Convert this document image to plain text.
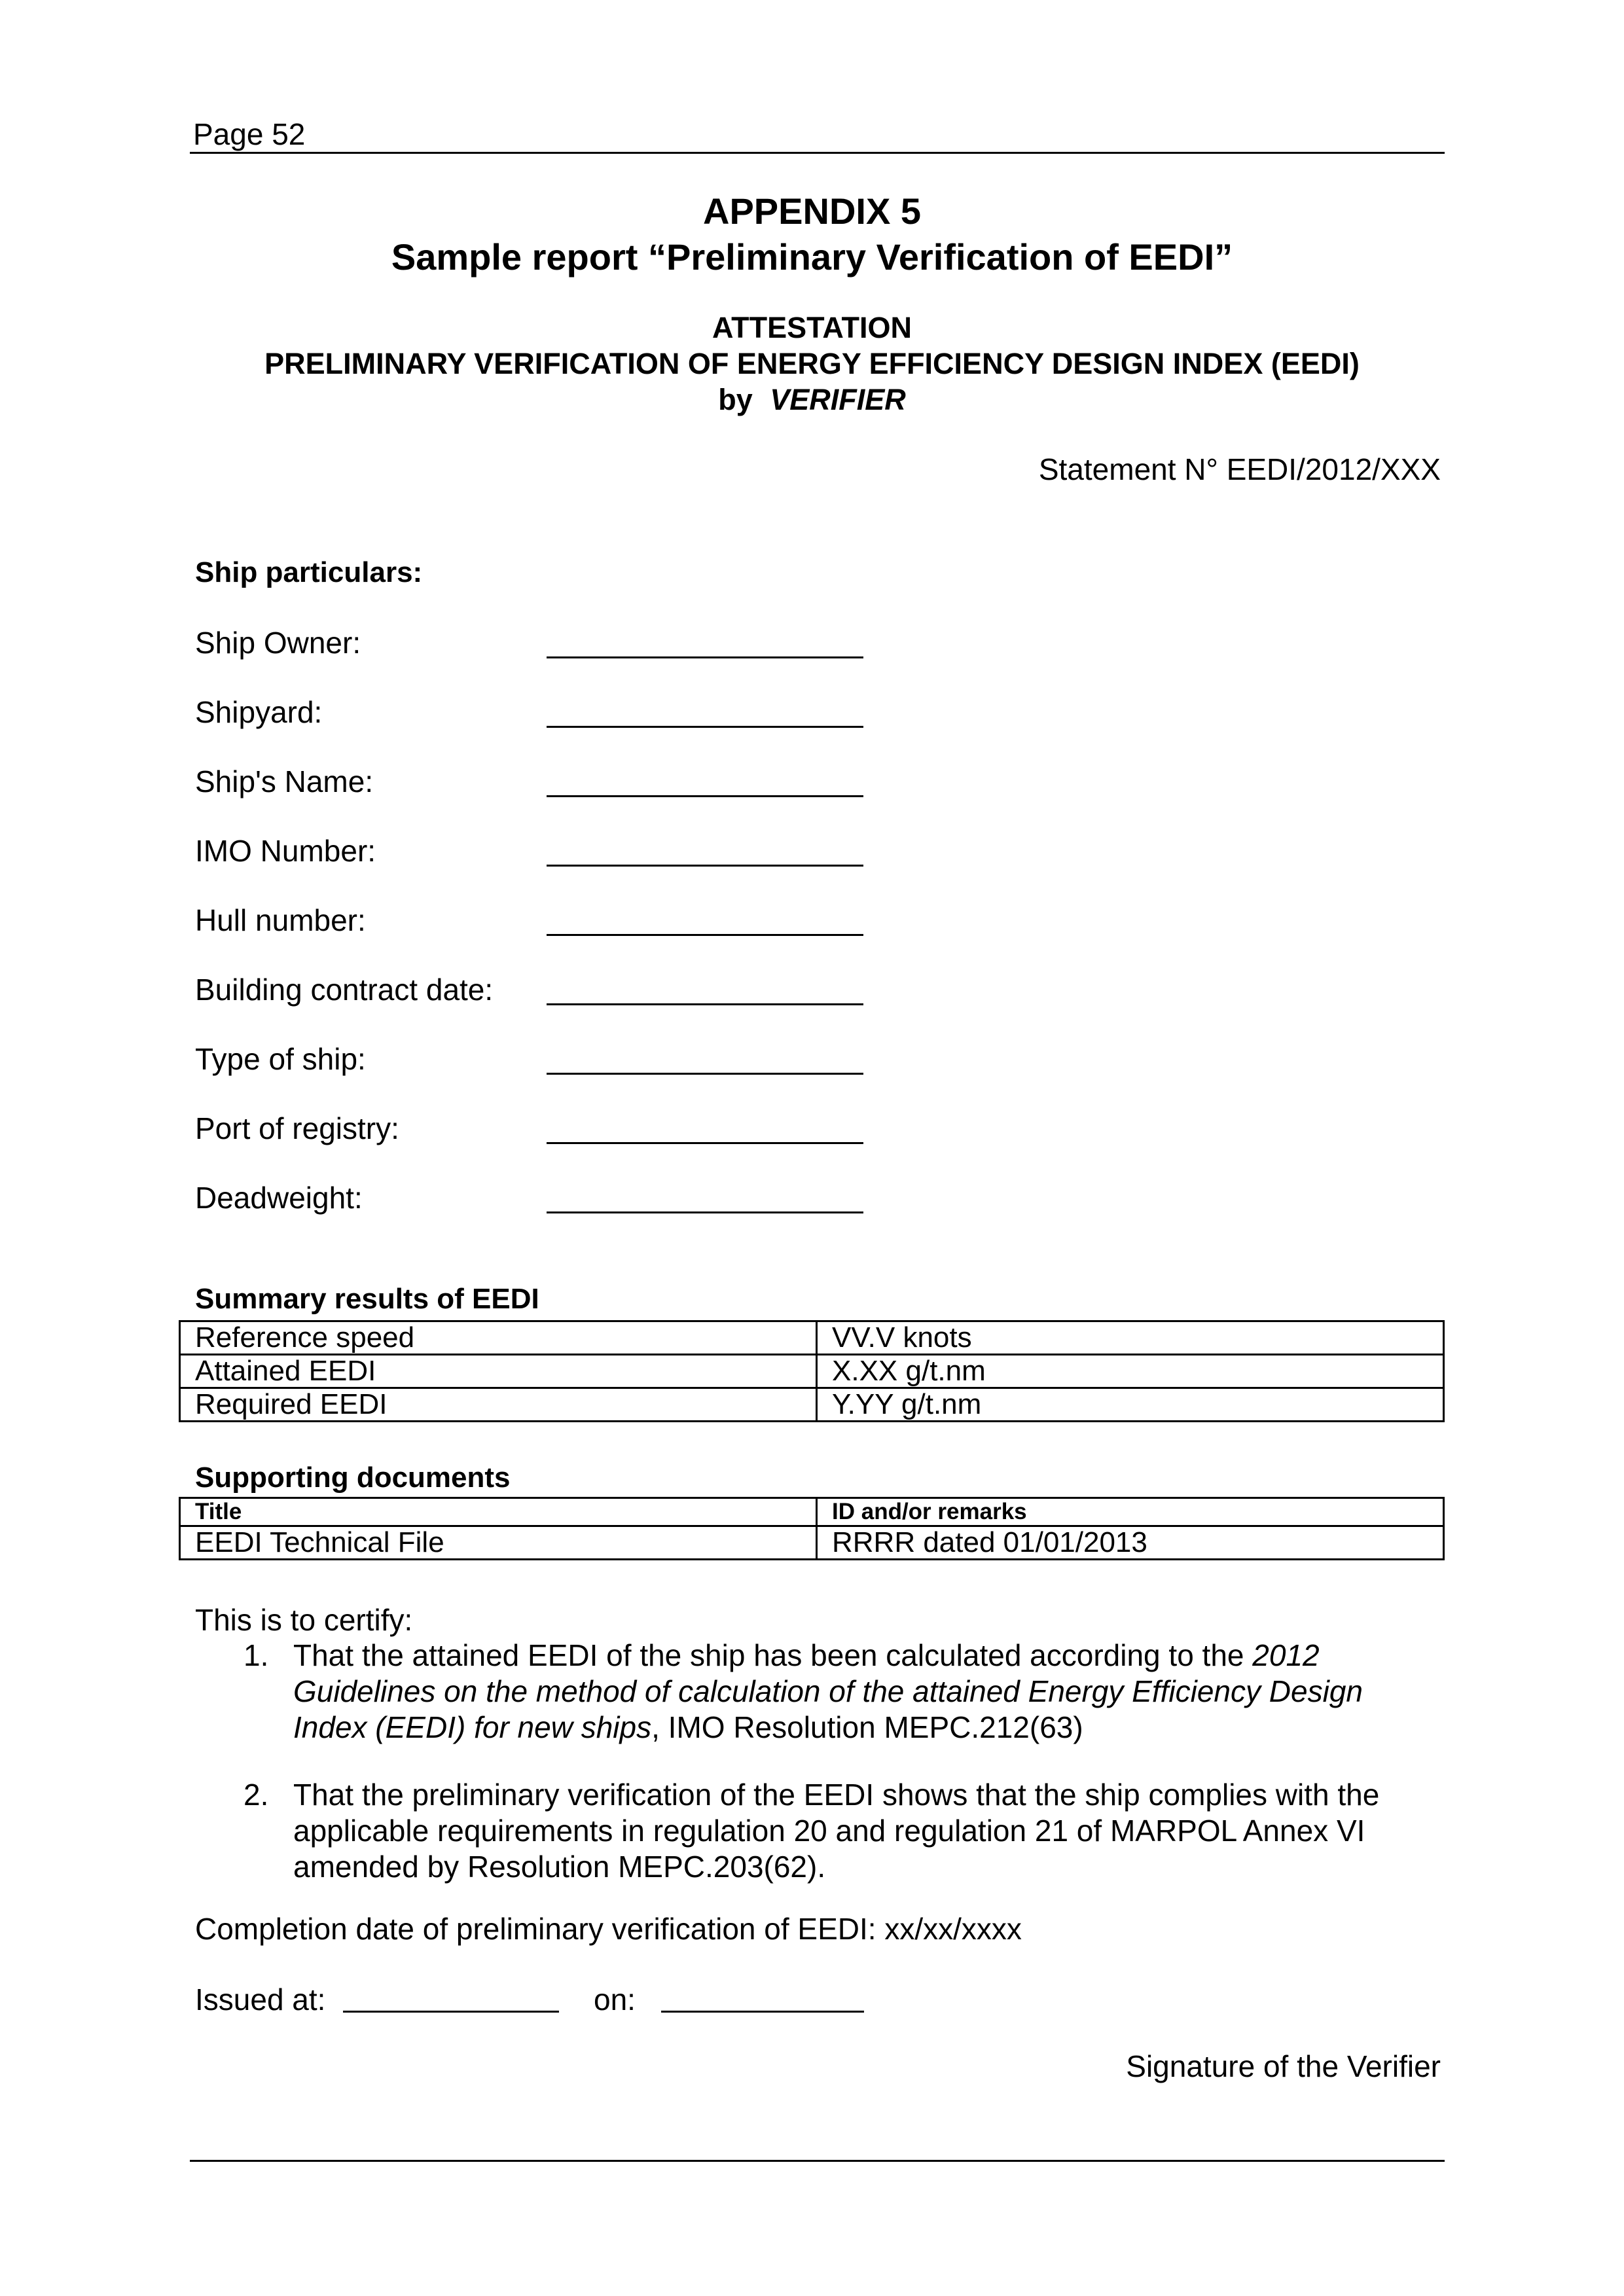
Page 52
APPENDIX 5
Sample report “Preliminary Verification of EEDI”
ATTESTATION
PRELIMINARY VERIFICATION OF ENERGY EFFICIENCY DESIGN INDEX (EEDI)
by VERIFIER
Statement N° EEDI/2012/XXX
Ship particulars:
Ship Owner:
Shipyard:
Ship's Name:
IMO Number:
Hull number:
Building contract date:
Type of ship:
Port of registry:
Deadweight:
Summary results of EEDI
Reference speed	VV.V knots
Attained EEDI	X.XX g/t.nm
Required EEDI	Y.YY g/t.nm
Supporting documents
Title	ID and/or remarks
EEDI Technical File	RRRR dated 01/01/2013
This is to certify:
1. That the attained EEDI of the ship has been calculated according to the 2012 Guidelines on the method of calculation of the attained Energy Efficiency Design Index (EEDI) for new ships, IMO Resolution MEPC.212(63)
2. That the preliminary verification of the EEDI shows that the ship complies with the applicable requirements in regulation 20 and regulation 21 of MARPOL Annex VI amended by Resolution MEPC.203(62).
Completion date of preliminary verification of EEDI: xx/xx/xxxx
Issued at:	on:
Signature of the Verifier
